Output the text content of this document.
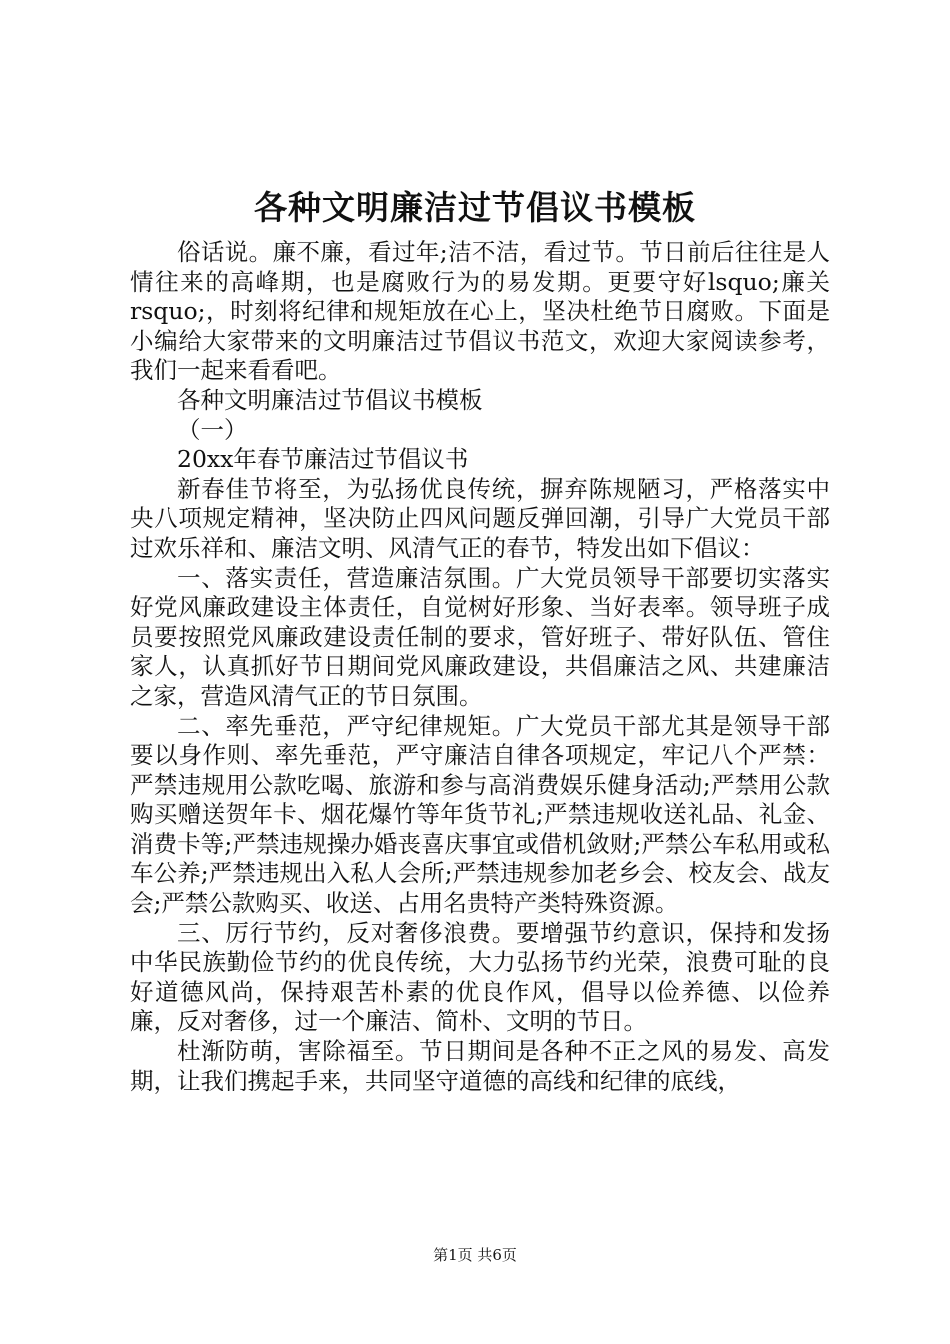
各种文明廉洁过节倡议书模板

俗话说。廉不廉，看过年;洁不洁，看过节。节日前后往往是人情往来的高峰期，也是腐败行为的易发期。更要守好lsquo;廉关rsquo;，时刻将纪律和规矩放在心上，坚决杜绝节日腐败。下面是小编给大家带来的文明廉洁过节倡议书范文，欢迎大家阅读参考，我们一起来看看吧。

各种文明廉洁过节倡议书模板

（一）

20xx年春节廉洁过节倡议书

新春佳节将至，为弘扬优良传统，摒弃陈规陋习，严格落实中央八项规定精神，坚决防止四风问题反弹回潮，引导广大党员干部过欢乐祥和、廉洁文明、风清气正的春节，特发出如下倡议：

一、落实责任，营造廉洁氛围。广大党员领导干部要切实落实好党风廉政建设主体责任，自觉树好形象、当好表率。领导班子成员要按照党风廉政建设责任制的要求，管好班子、带好队伍、管住家人，认真抓好节日期间党风廉政建设，共倡廉洁之风、共建廉洁之家，营造风清气正的节日氛围。

二、率先垂范，严守纪律规矩。广大党员干部尤其是领导干部要以身作则、率先垂范，严守廉洁自律各项规定，牢记八个严禁：严禁违规用公款吃喝、旅游和参与高消费娱乐健身活动;严禁用公款购买赠送贺年卡、烟花爆竹等年货节礼;严禁违规收送礼品、礼金、消费卡等;严禁违规操办婚丧喜庆事宜或借机敛财;严禁公车私用或私车公养;严禁违规出入私人会所;严禁违规参加老乡会、校友会、战友会;严禁公款购买、收送、占用名贵特产类特殊资源。

三、厉行节约，反对奢侈浪费。要增强节约意识，保持和发扬中华民族勤俭节约的优良传统，大力弘扬节约光荣，浪费可耻的良好道德风尚，保持艰苦朴素的优良作风，倡导以俭养德、以俭养廉，反对奢侈，过一个廉洁、简朴、文明的节日。

杜渐防萌，害除福至。节日期间是各种不正之风的易发、高发期，让我们携起手来，共同坚守道德的高线和纪律的底线，

第1页 共6页
